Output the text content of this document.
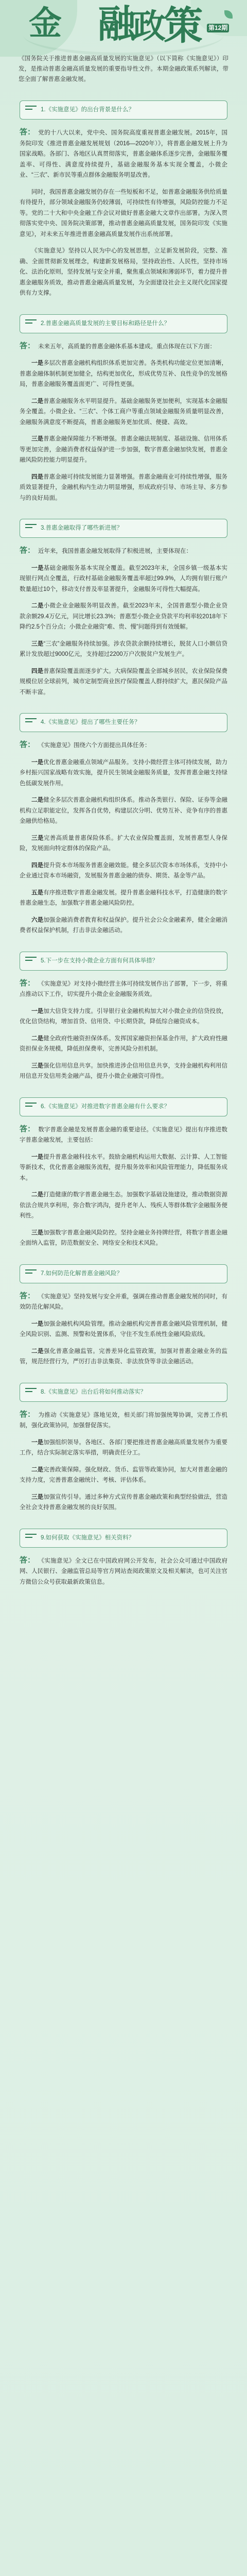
金 融
政
策 第12期

《国务院关于推进普惠金融高质量发展的实施意见》（以下简称《实施意见》）印发，是推动普惠金融高质量发展的重要指导性文件。本期金融政策系列解读，带您全面了解普惠金融发展。

1.《实施意见》的出台背景是什么？

答： 党的十八大以来，党中央、国务院高度重视普惠金融发展。2015年，国务院印发《推进普惠金融发展规划（2016—2020年）》，将普惠金融发展上升为国家战略。各部门、各地区认真贯彻落实，普惠金融体系逐步完善，金融服务覆盖率、可得性、满意度持续提升，基础金融服务基本实现全覆盖，小微企业、“三农”、新市民等重点群体金融服务明显改善。

同时，我国普惠金融发展仍存在一些短板和不足，如普惠金融服务供给质量有待提升，部分领域金融服务仍较薄弱，可持续性有待增强，风险防控能力不足等。党的二十大和中央金融工作会议对做好普惠金融大文章作出部署。为深入贯彻落实党中央、国务院决策部署，推动普惠金融高质量发展，国务院印发《实施意见》，对未来五年推进普惠金融高质量发展作出系统部署。

《实施意见》坚持以人民为中心的发展思想，立足新发展阶段，完整、准确、全面贯彻新发展理念，构建新发展格局，坚持政治性、人民性，坚持市场化、法治化原则，坚持发展与安全并重，聚焦重点领域和薄弱环节，着力提升普惠金融服务质效，推动普惠金融高质量发展，为全面建设社会主义现代化国家提供有力支撑。

2.普惠金融高质量发展的主要目标和路径是什么？

答： 未来五年，高质量的普惠金融体系基本建成。重点体现在以下方面：

一是多层次普惠金融机构组织体系更加完善。各类机构功能定位更加清晰，普惠金融体制机制更加健全，结构更加优化，形成优势互补、良性竞争的发展格局，普惠金融服务覆盖面更广、可得性更强。

二是普惠金融服务水平明显提升。基础金融服务更加便利，实现基本金融服务全覆盖。小微企业、“三农”、个体工商户等重点领域金融服务质量明显改善，金融服务满意度不断提高，普惠金融服务更加优质、便捷、高效。

三是普惠金融保障能力不断增强。普惠金融法规制度、基础设施、信用体系等更加完善，金融消费者权益保护进一步加强，数字普惠金融加快发展，普惠金融风险防控能力明显提升。

四是普惠金融可持续发展能力显著增强。普惠金融商业可持续性增强，服务质效显著提升，金融机构内生动力明显增强，形成政府引导、市场主导、多方参与的良好局面。

3.普惠金融取得了哪些新进展？

答： 近年来，我国普惠金融发展取得了积极进展，主要体现在：

一是基础金融服务基本实现全覆盖。截至2023年末，全国乡镇一级基本实现银行网点全覆盖，行政村基础金融服务覆盖率超过99.9%，人均拥有银行账户数量超过10个，移动支付普及率显著提升，金融服务可得性大幅提高。

二是小微企业金融服务明显改善。截至2023年末，全国普惠型小微企业贷款余额29.4万亿元，同比增长23.3%；普惠型小微企业贷款平均利率较2018年下降约2.5个百分点；小微企业融资“难、贵、慢”问题得到有效缓解。

三是“三农”金融服务持续加强。涉农贷款余额持续增长，脱贫人口小额信贷累计发放超过9000亿元，支持超过2200万户次脱贫户发展生产。

四是普惠保险覆盖面逐步扩大。大病保险覆盖全部城乡居民，农业保险保费规模位居全球前列，城市定制型商业医疗保险覆盖人群持续扩大，惠民保险产品不断丰富。

4.《实施意见》提出了哪些主要任务？

答： 《实施意见》围绕六个方面提出具体任务：

一是优化普惠金融重点领域产品服务。支持小微经营主体可持续发展，助力乡村振兴国家战略有效实施，提升民生领域金融服务质量，发挥普惠金融支持绿色低碳发展作用。

二是健全多层次普惠金融机构组织体系。推动各类银行、保险、证券等金融机构立足职能定位，发挥各自优势，构建层次分明、优势互补、竞争有序的普惠金融供给格局。

三是完善高质量普惠保险体系。扩大农业保险覆盖面，发展普惠型人身保险，发展面向特定群体的保险产品。

四是提升资本市场服务普惠金融效能。健全多层次资本市场体系，支持中小企业通过资本市场融资，发展服务普惠金融的债券、期货、基金等产品。

五是有序推进数字普惠金融发展。提升普惠金融科技水平，打造健康的数字普惠金融生态，加强数字普惠金融风险防控。

六是加强金融消费者教育和权益保护。提升社会公众金融素养，健全金融消费者权益保护机制，打击非法金融活动。

5.下一步在支持小微企业方面有何具体举措？

答： 《实施意见》对支持小微经营主体可持续发展作出了部署，下一步，将重点推动以下工作，切实提升小微企业金融服务质效。

一是加大信贷支持力度。引导银行业金融机构加大对小微企业的信贷投放，优化信贷结构，增加首贷、信用贷、中长期贷款，降低综合融资成本。

二是健全政府性融资担保体系。发挥国家融资担保基金作用，扩大政府性融资担保业务规模，降低担保费率，完善风险分担机制。

三是强化信用信息共享。加快推进涉企信用信息共享，支持金融机构利用信用信息开发信用类金融产品，提升小微企业融资可得性。

6.《实施意见》对推进数字普惠金融有什么要求？

答： 数字普惠金融是发展普惠金融的重要途径。《实施意见》提出有序推进数字普惠金融发展，主要包括：

一是提升普惠金融科技水平。鼓励金融机构运用大数据、云计算、人工智能等新技术，优化普惠金融服务流程，提升服务效率和风险管理能力，降低服务成本。

二是打造健康的数字普惠金融生态。加强数字基础设施建设，推动数据资源依法合规共享利用，弥合数字鸿沟，提升老年人、残疾人等群体数字金融服务便利性。

三是加强数字普惠金融风险防控。坚持金融业务持牌经营，将数字普惠金融全面纳入监管，防范数据安全、网络安全和技术风险。

7.如何防范化解普惠金融风险？

答： 《实施意见》坚持发展与安全并重，强调在推动普惠金融发展的同时，有效防范化解风险。

一是加强金融机构风险管理。推动金融机构完善普惠金融风险管理机制，健全风险识别、监测、预警和处置体系，守住不发生系统性金融风险底线。

二是强化普惠金融监管。完善差异化监管政策，加强对普惠金融业务的监管，规范经营行为，严厉打击非法集资、非法放贷等非法金融活动。

8.《实施意见》出台后将如何推动落实？

答： 为推动《实施意见》落地见效，相关部门将加强统筹协调，完善工作机制，强化政策协同，加强督促落实。

一是加强组织领导。各地区、各部门要把推进普惠金融高质量发展作为重要工作，结合实际制定落实举措，明确责任分工。

二是完善政策保障。强化财政、货币、监管等政策协同，加大对普惠金融的支持力度，完善普惠金融统计、考核、评估体系。

三是加强宣传引导。通过多种方式宣传普惠金融政策和典型经验做法，营造全社会支持普惠金融发展的良好氛围。

9.如何获取《实施意见》相关资料？

答： 《实施意见》全文已在中国政府网公开发布，社会公众可通过中国政府网、人民银行、金融监管总局等官方网站查阅政策原文及相关解读，也可关注官方微信公众号获取最新政策信息。
